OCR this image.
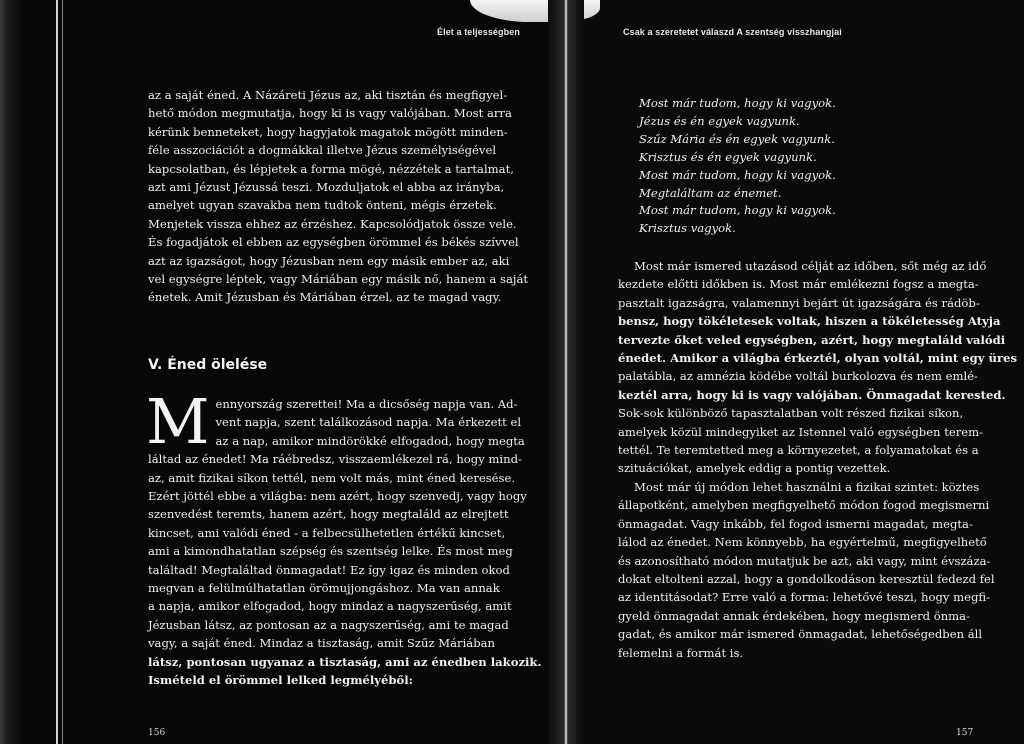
Élet a teljességben
az a saját éned. A Názáreti Jézus az, aki tisztán és megfigyel-
hető módon megmutatja, hogy ki is vagy valójában. Most arra
kérünk benneteket, hogy hagyjatok magatok mögött minden-
féle asszociációt a dogmákkal illetve Jézus személyiségével
kapcsolatban, és lépjetek a forma mögé, nézzétek a tartalmat,
azt ami Jézust Jézussá teszi. Mozduljatok el abba az irányba,
amelyet ugyan szavakba nem tudtok önteni, mégis érzetek.
Menjetek vissza ehhez az érzéshez. Kapcsolódjatok össze vele.
És fogadjátok el ebben az egységben örömmel és békés szívvel
azt az igazságot, hogy Jézusban nem egy másik ember az, aki
vel egységre léptek, vagy Máriában egy másik nő, hanem a saját
énetek. Amit Jézusban és Máriában érzel, az te magad vagy.
V. Éned ölelése
M ennyország szerettei! Ma a dicsőség napja van. Ad-
vent napja, szent találkozásod napja. Ma érkezett el
az a nap, amikor mindörökké elfogadod, hogy megta
láltad az énedet! Ma ráébredsz, visszaemlékezel rá, hogy mind-
az, amit fizikai síkon tettél, nem volt más, mint éned keresése.
Ezért jöttél ebbe a világba: nem azért, hogy szenvedj, vagy hogy
szenvedést teremts, hanem azért, hogy megtaláld az elrejtett
kincset, ami valódi éned - a felbecsülhetetlen értékű kincset,
ami a kimondhatatlan szépség és szentség lelke. És most meg
találtad! Megtaláltad önmagadat! Ez így igaz és minden okod
megvan a felülmúlhatatlan örömujjongáshoz. Ma van annak
a napja, amikor elfogadod, hogy mindaz a nagyszerűség, amit
Jézusban látsz, az pontosan az a nagyszerűség, ami te magad
vagy, a saját éned. Mindaz a tisztaság, amit Szűz Máriában
látsz, pontosan ugyanaz a tisztaság, ami az énedben lakozik.
Ismételd el örömmel lelked legmélyéből:
156
Csak a szeretetet válaszd A szentség visszhangjai
Most már tudom, hogy ki vagyok.
Jézus és én egyek vagyunk.
Szűz Mária és én egyek vagyunk.
Krisztus és én egyek vagyunk.
Most már tudom, hogy ki vagyok.
Megtaláltam az énemet.
Most már tudom, hogy ki vagyok.
Krisztus vagyok.
Most már ismered utazásod célját az időben, sőt még az idő
kezdete előtti időkben is. Most már emlékezni fogsz a megta-
pasztalt igazságra, valamennyi bejárt út igazságára és rádöb-
bensz, hogy tökéletesek voltak, hiszen a tökéletesség Atyja
tervezte őket veled egységben, azért, hogy megtaláld valódi
énedet. Amikor a világba érkeztél, olyan voltál, mint egy üres
palatábla, az amnézia ködébe voltál burkolozva és nem emlé-
keztél arra, hogy ki is vagy valójában. Önmagadat kerested.
Sok-sok különböző tapasztalatban volt részed fizikai síkon,
amelyek közül mindegyiket az Istennel való egységben terem-
tettél. Te teremtetted meg a környezetet, a folyamatokat és a
szituációkat, amelyek eddig a pontig vezettek.
Most már új módon lehet használni a fizikai szintet: köztes
állapotként, amelyben megfigyelhető módon fogod megismerni
önmagadat. Vagy inkább, fel fogod ismerni magadat, megta-
lálod az énedet. Nem könnyebb, ha egyértelmű, megfigyelhető
és azonosítható módon mutatjuk be azt, aki vagy, mint évszáza-
dokat eltolteni azzal, hogy a gondolkodáson keresztül fedezd fel
az identitásodat? Erre való a forma: lehetővé teszi, hogy megfi-
gyeld önmagadat annak érdekében, hogy megismerd önma-
gadat, és amikor már ismered önmagadat, lehetőségedben áll
felemelni a formát is.
157
